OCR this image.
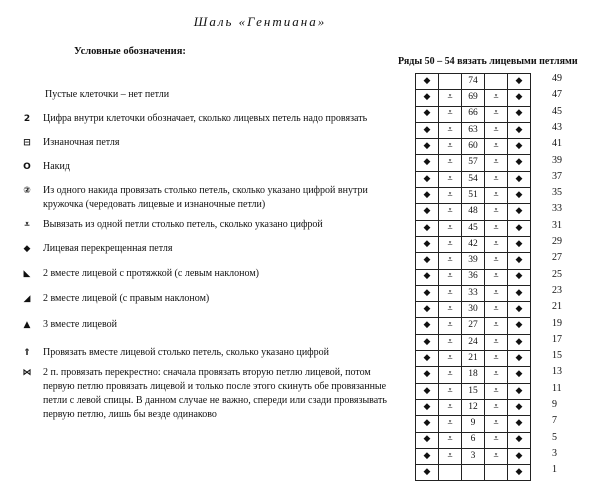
Шаль «Гентиана»
Условные обозначения:
Ряды 50 – 54 вязать лицевыми петлями
Пустые клеточки – нет петли
2	Цифра внутри клеточки обозначает, сколько лицевых петель надо провязать
⊟	Изнаночная петля
O	Накид
②	Из одного накида провязать столько петель, сколько указано цифрой внутри кружочка (чередовать лицевые и изнаночные петли)
⩡	Вывязать из одной петли столько петель, сколько указано цифрой
◆	Лицевая перекрещенная петля
◣	2 вместе лицевой с протяжкой (с левым наклоном)
◢	2 вместе лицевой (с правым наклоном)
▲	3 вместе лицевой
⇑	Провязать вместе лицевой столько петель, сколько указано цифрой
⋈	2 п. провязать перекрестно: сначала провязать вторую петлю лицевой, потом первую петлю провязать лицевой и только после этого скинуть обе провязанные петли с левой спицы. В данном случае не важно, спереди или сзади провязывать первую петлю, лишь бы везде одинаково
◆		74		◆
◆	⩡	69	⩡	◆
◆	⩡	66	⩡	◆
◆	⩡	63	⩡	◆
◆	⩡	60	⩡	◆
◆	⩡	57	⩡	◆
◆	⩡	54	⩡	◆
◆	⩡	51	⩡	◆
◆	⩡	48	⩡	◆
◆	⩡	45	⩡	◆
◆	⩡	42	⩡	◆
◆	⩡	39	⩡	◆
◆	⩡	36	⩡	◆
◆	⩡	33	⩡	◆
◆	⩡	30	⩡	◆
◆	⩡	27	⩡	◆
◆	⩡	24	⩡	◆
◆	⩡	21	⩡	◆
◆	⩡	18	⩡	◆
◆	⩡	15	⩡	◆
◆	⩡	12	⩡	◆
◆	⩡	9	⩡	◆
◆	⩡	6	⩡	◆
◆	⩡	3	⩡	◆
◆				◆
49
47
45
43
41
39
37
35
33
31
29
27
25
23
21
19
17
15
13
11
9
7
5
3
1
